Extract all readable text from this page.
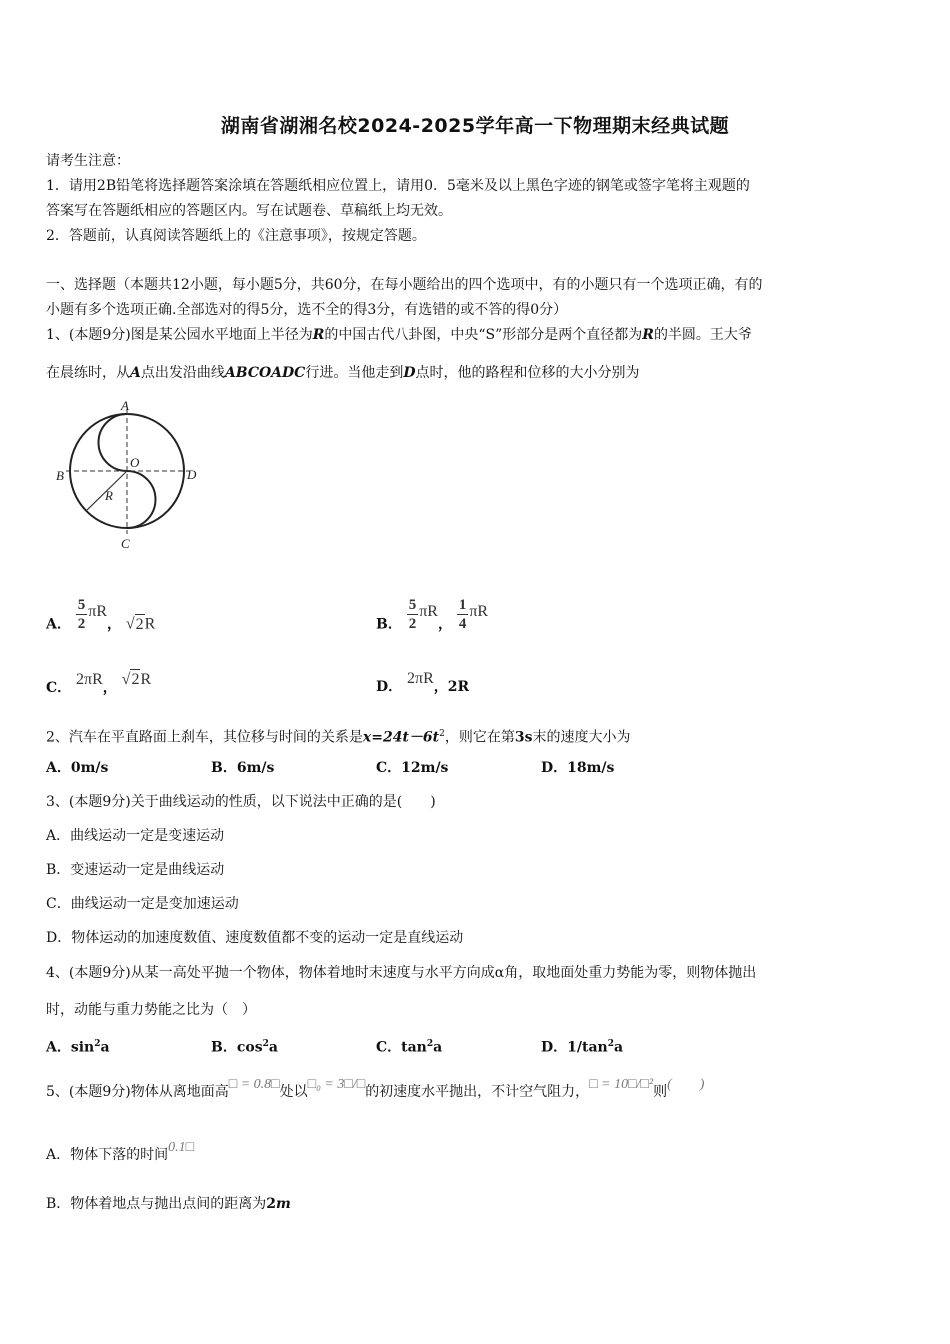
湖南省湖湘名校2024-2025学年高一下物理期末经典试题
请考生注意：
1．请用2B铅笔将选择题答案涂填在答题纸相应位置上，请用0．5毫米及以上黑色字迹的钢笔或签字笔将主观题的
答案写在答题纸相应的答题区内。写在试题卷、草稿纸上均无效。
2．答题前，认真阅读答题纸上的《注意事项》，按规定答题。
一、选择题（本题共12小题，每小题5分，共60分，在每小题给出的四个选项中，有的小题只有一个选项正确，有的
小题有多个选项正确.全部选对的得5分，选不全的得3分，有选错的或不答的得0分）
1、(本题9分)图是某公园水平地面上半径为R的中国古代八卦图，中央“S”形部分是两个直径都为R的半圆。王大爷
在晨练时，从A点出发沿曲线ABCOADC行进。当他走到D点时，他的路程和位移的大小分别为
A
B
C
D
O
R
A． $\frac{5}{2}$ πR， √2R	B． $\frac{5}{2}$ πR， $\frac{1}{4}$ πR
C． 2πR， √2R	D． 2πR，2R
2、汽车在平直路面上刹车，其位移与时间的关系是$x=24t-6t^2$，则它在第3s末的速度大小为
A．0m/s	B．6m/s	C．12m/s	D．18m/s
3、(本题9分)关于曲线运动的性质，以下说法中正确的是(　　)
A．曲线运动一定是变速运动
B．变速运动一定是曲线运动
C．曲线运动一定是变加速运动
D．物体运动的加速度数值、速度数值都不变的运动一定是直线运动
4、(本题9分)从某一高处平抛一个物体，物体着地时末速度与水平方向成α角，取地面处重力势能为零，则物体抛出
时，动能与重力势能之比为（　）
A．$\sin^2a$	B．$\cos^2a$	C．$\tan^2a$	D．$1/\tan^2a$
5、(本题9分)物体从离地面高□ = 0.8□处以□₀ = 3□/□的初速度水平抛出，不计空气阻力，□ = 10□/□²则(　　)
A．物体下落的时间0.1□
B．物体着地点与抛出点间的距离为2m
